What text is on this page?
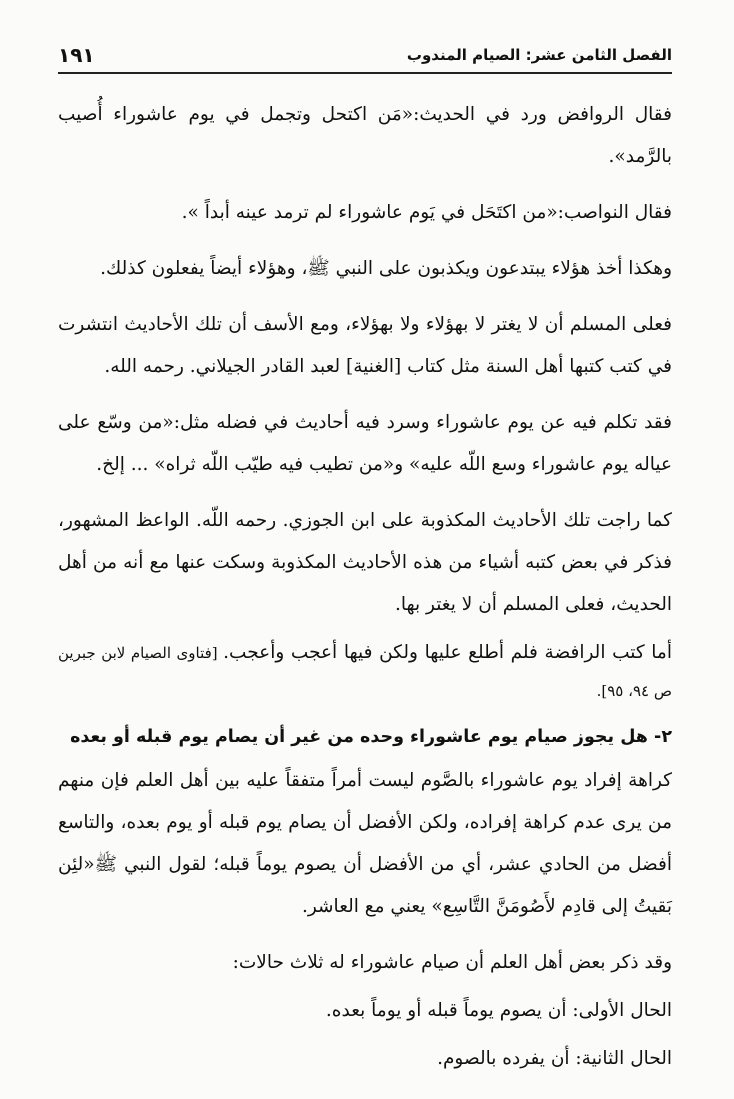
الفصل الثامن عشر: الصيام المندوب
١٩١

فقال الروافض ورد في الحديث:«مَن اكتحل وتجمل في يوم عاشوراء أُصيب بالرَّمد».

فقال النواصب:«من اكتَحَل في يَوم عاشوراء لم ترمد عينه أبداً ».

وهكذا أخذ هؤلاء يبتدعون ويكذبون على النبي ﷺ، وهؤلاء أيضاً يفعلون كذلك.

فعلى المسلم أن لا يغتر لا بهؤلاء ولا بهؤلاء، ومع الأسف أن تلك الأحاديث انتشرت في كتب كتبها أهل السنة مثل كتاب [الغنية] لعبد القادر الجيلاني. رحمه الله.

فقد تكلم فيه عن يوم عاشوراء وسرد فيه أحاديث في فضله مثل:«من وسّع على عياله يوم عاشوراء وسع اللّه عليه» و«من تطيب فيه طيّب اللّه ثراه» ... إلخ.

كما راجت تلك الأحاديث المكذوبة على ابن الجوزي. رحمه اللّه. الواعظ المشهور، فذكر في بعض كتبه أشياء من هذه الأحاديث المكذوبة وسكت عنها مع أنه من أهل الحديث، فعلى المسلم أن لا يغتر بها.

أما كتب الرافضة فلم أطلع عليها ولكن فيها أعجب وأعجب. [فتاوى الصيام لابن جبرين ص ٩٤، ٩٥].

٢- هل يجوز صيام يوم عاشوراء وحده من غير أن يصام يوم قبله أو بعده

كراهة إفراد يوم عاشوراء بالصَّوم ليست أمراً متفقاً عليه بين أهل العلم فإن منهم من يرى عدم كراهة إفراده، ولكن الأفضل أن يصام يوم قبله أو يوم بعده، والتاسع أفضل من الحادي عشر، أي من الأفضل أن يصوم يوماً قبله؛ لقول النبي ﷺ«لئِن بَقيتُ إلى قادِم لأَصُومَنَّ التَّاسِع» يعني مع العاشر.

وقد ذكر بعض أهل العلم أن صيام عاشوراء له ثلاث حالات:

الحال الأولى: أن يصوم يوماً قبله أو يوماً بعده.

الحال الثانية: أن يفرده بالصوم.
